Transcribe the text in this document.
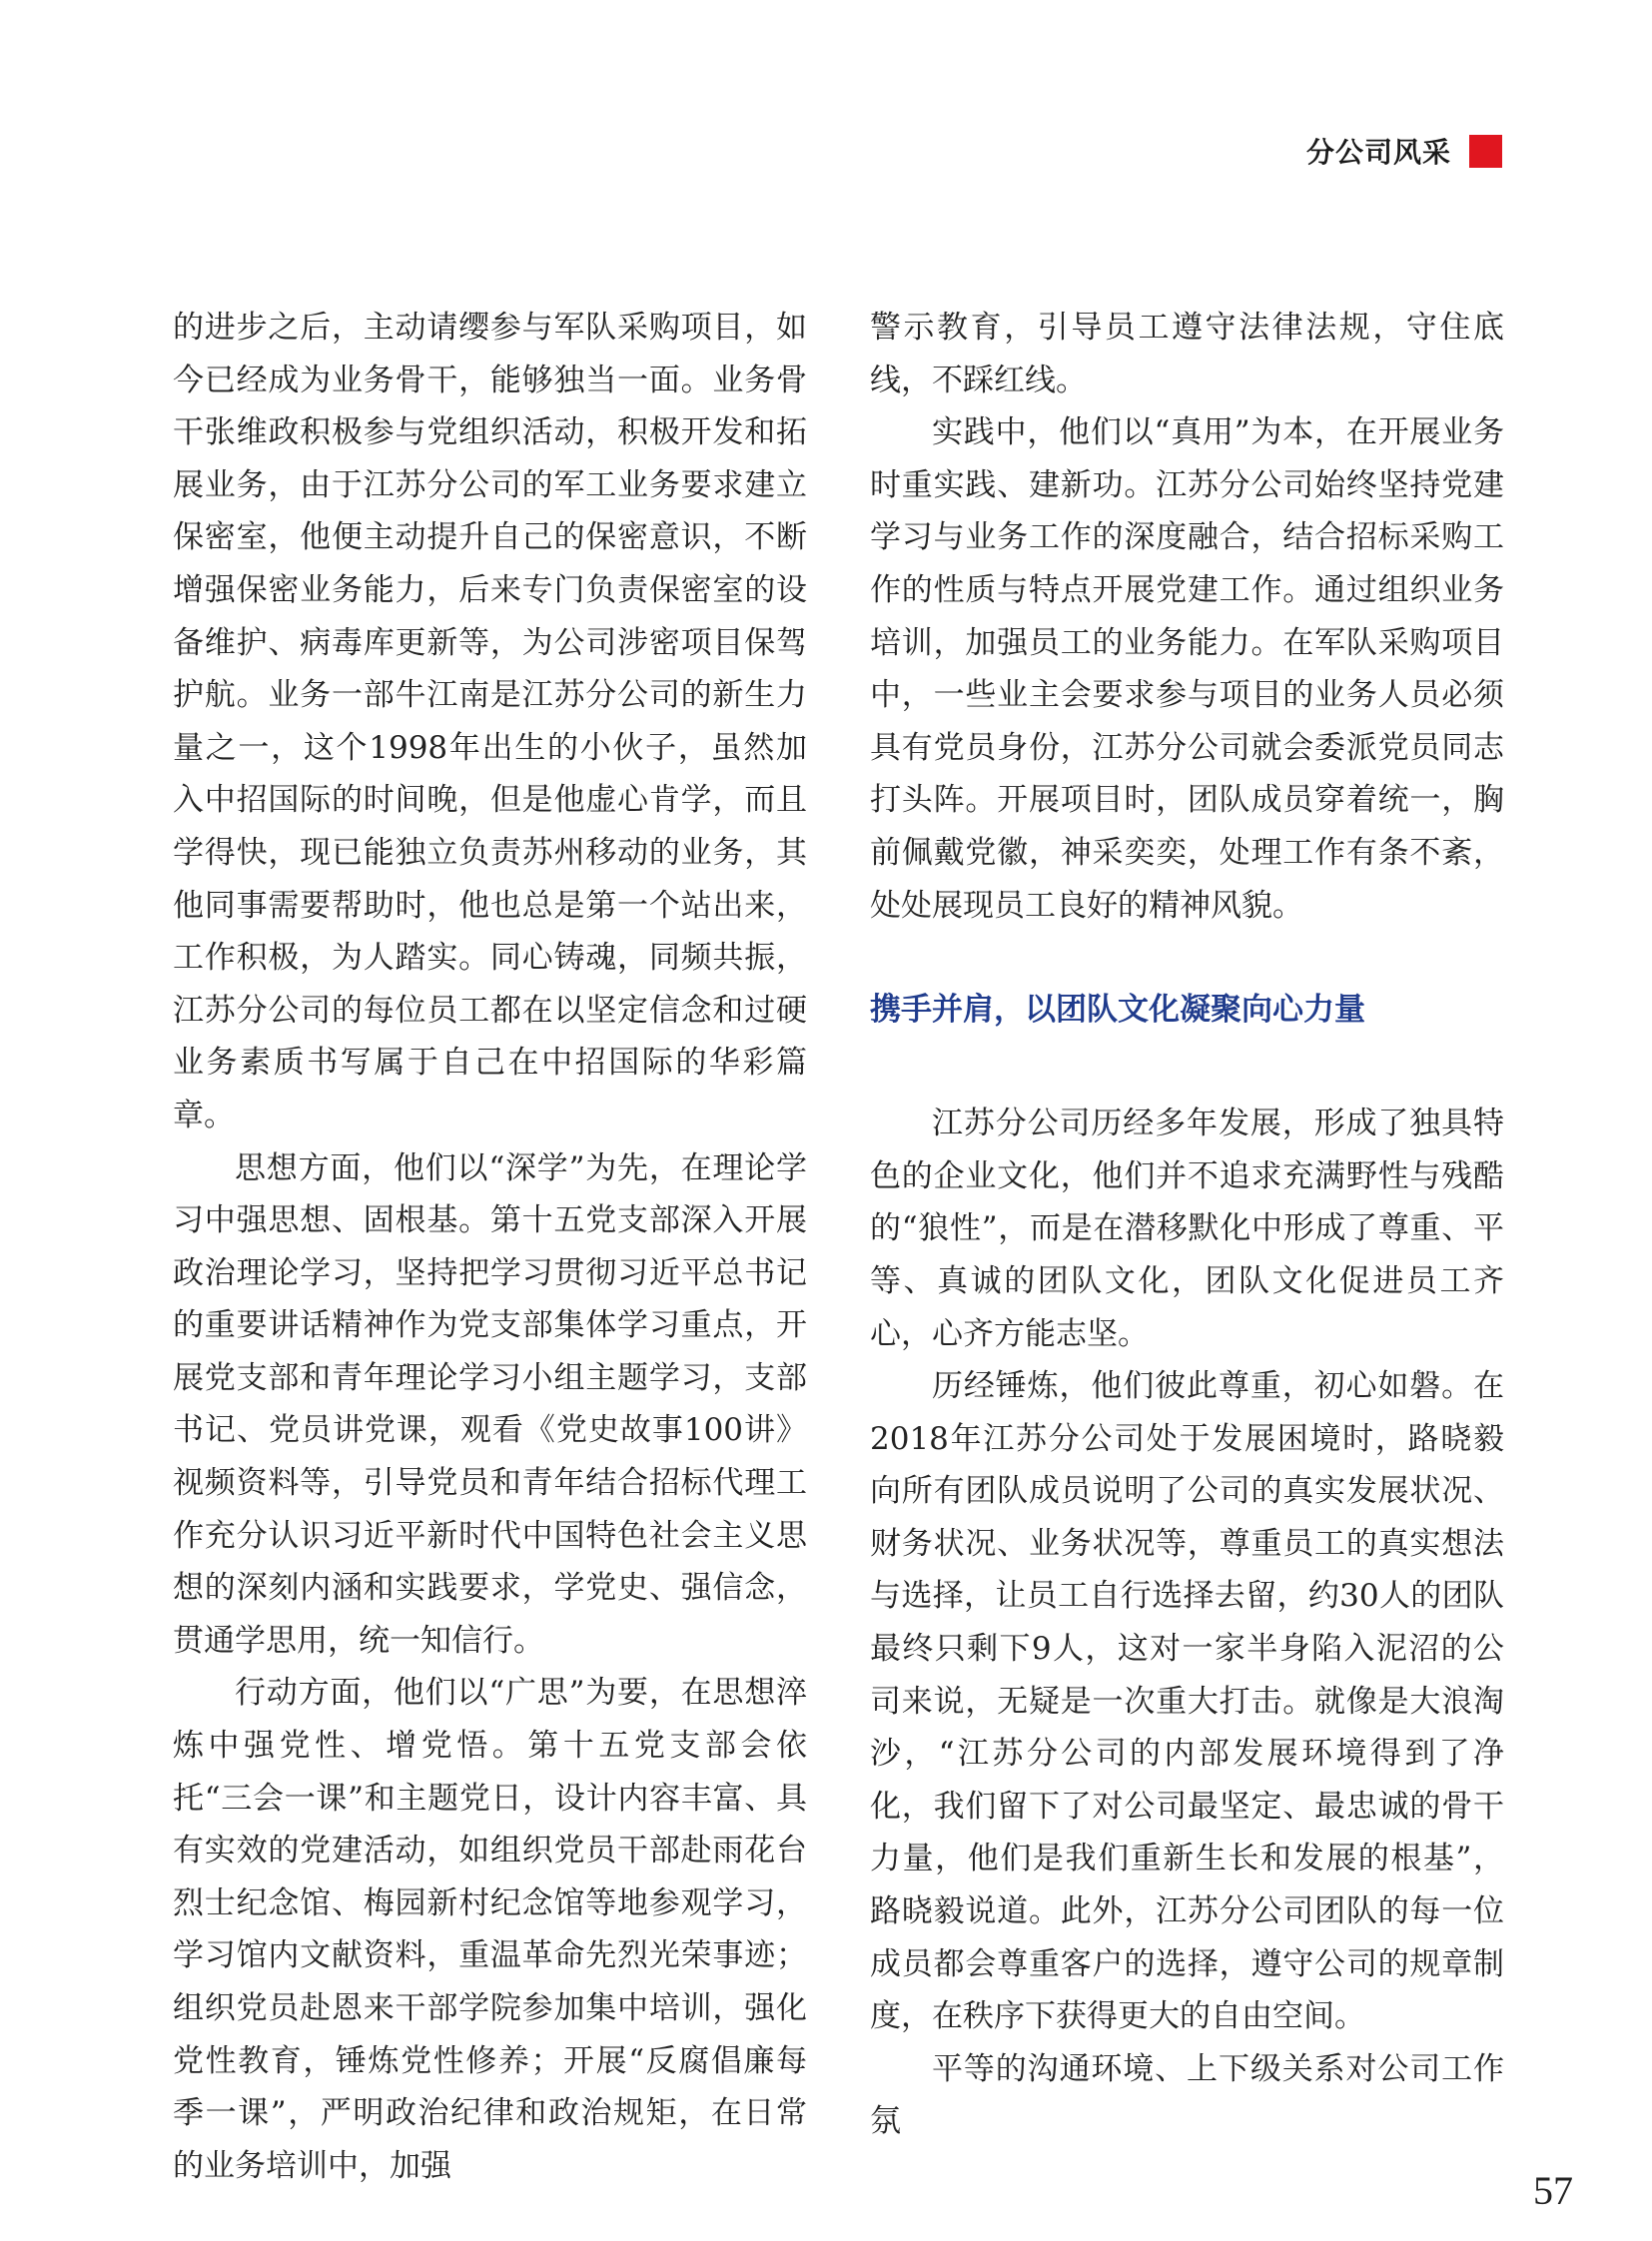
分公司风采

的进步之后，主动请缨参与军队采购项目，如今已经成为业务骨干，能够独当一面。业务骨干张维政积极参与党组织活动，积极开发和拓展业务，由于江苏分公司的军工业务要求建立保密室，他便主动提升自己的保密意识，不断增强保密业务能力，后来专门负责保密室的设备维护、病毒库更新等，为公司涉密项目保驾护航。业务一部牛江南是江苏分公司的新生力量之一，这个1998年出生的小伙子，虽然加入中招国际的时间晚，但是他虚心肯学，而且学得快，现已能独立负责苏州移动的业务，其他同事需要帮助时，他也总是第一个站出来，工作积极，为人踏实。同心铸魂，同频共振，江苏分公司的每位员工都在以坚定信念和过硬业务素质书写属于自己在中招国际的华彩篇章。

思想方面，他们以“深学”为先，在理论学习中强思想、固根基。第十五党支部深入开展政治理论学习，坚持把学习贯彻习近平总书记的重要讲话精神作为党支部集体学习重点，开展党支部和青年理论学习小组主题学习，支部书记、党员讲党课，观看《党史故事100讲》视频资料等，引导党员和青年结合招标代理工作充分认识习近平新时代中国特色社会主义思想的深刻内涵和实践要求，学党史、强信念，贯通学思用，统一知信行。

行动方面，他们以“广思”为要，在思想淬炼中强党性、增党悟。第十五党支部会依托“三会一课”和主题党日，设计内容丰富、具有实效的党建活动，如组织党员干部赴雨花台烈士纪念馆、梅园新村纪念馆等地参观学习，学习馆内文献资料，重温革命先烈光荣事迹；组织党员赴恩来干部学院参加集中培训，强化党性教育，锤炼党性修养；开展“反腐倡廉每季一课”，严明政治纪律和政治规矩，在日常的业务培训中，加强

警示教育，引导员工遵守法律法规，守住底线，不踩红线。

实践中，他们以“真用”为本，在开展业务时重实践、建新功。江苏分公司始终坚持党建学习与业务工作的深度融合，结合招标采购工作的性质与特点开展党建工作。通过组织业务培训，加强员工的业务能力。在军队采购项目中，一些业主会要求参与项目的业务人员必须具有党员身份，江苏分公司就会委派党员同志打头阵。开展项目时，团队成员穿着统一，胸前佩戴党徽，神采奕奕，处理工作有条不紊，处处展现员工良好的精神风貌。

携手并肩，以团队文化凝聚向心力量

江苏分公司历经多年发展，形成了独具特色的企业文化，他们并不追求充满野性与残酷的“狼性”，而是在潜移默化中形成了尊重、平等、真诚的团队文化，团队文化促进员工齐心，心齐方能志坚。

历经锤炼，他们彼此尊重，初心如磐。在2018年江苏分公司处于发展困境时，路晓毅向所有团队成员说明了公司的真实发展状况、财务状况、业务状况等，尊重员工的真实想法与选择，让员工自行选择去留，约30人的团队最终只剩下9人，这对一家半身陷入泥沼的公司来说，无疑是一次重大打击。就像是大浪淘沙，“江苏分公司的内部发展环境得到了净化，我们留下了对公司最坚定、最忠诚的骨干力量，他们是我们重新生长和发展的根基”，路晓毅说道。此外，江苏分公司团队的每一位成员都会尊重客户的选择，遵守公司的规章制度，在秩序下获得更大的自由空间。

平等的沟通环境、上下级关系对公司工作氛

57
